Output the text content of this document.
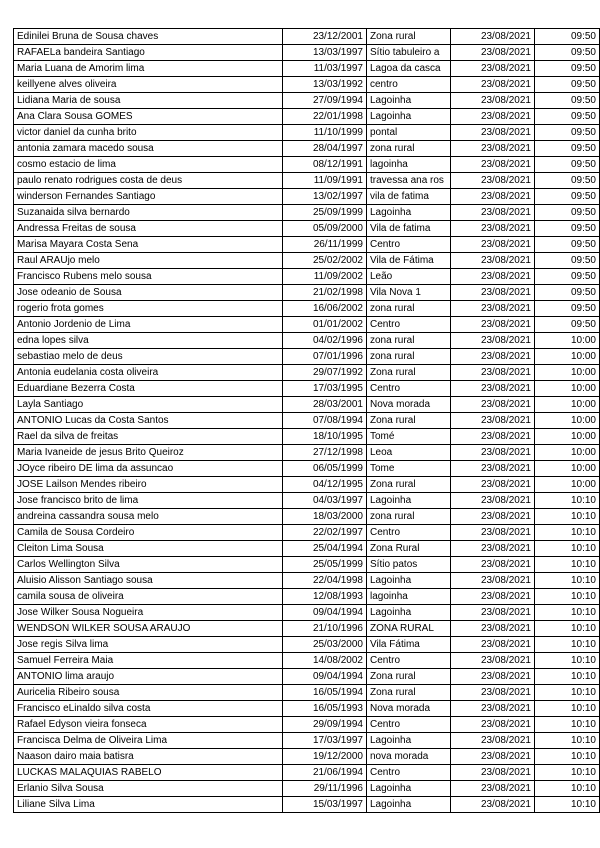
Edinilei Bruna de Sousa chaves	23/12/2001	Zona rural	23/08/2021	09:50
RAFAELa bandeira Santiago	13/03/1997	Sítio tabuleiro a	23/08/2021	09:50
Maria Luana de Amorim lima	11/03/1997	Lagoa da casca	23/08/2021	09:50
keillyene alves oliveira	13/03/1992	centro	23/08/2021	09:50
Lidiana Maria de sousa	27/09/1994	Lagoinha	23/08/2021	09:50
Ana Clara Sousa GOMES	22/01/1998	Lagoinha	23/08/2021	09:50
victor daniel da cunha brito	11/10/1999	pontal	23/08/2021	09:50
antonia zamara macedo sousa	28/04/1997	zona rural	23/08/2021	09:50
cosmo estacio de lima	08/12/1991	lagoinha	23/08/2021	09:50
paulo renato rodrigues costa de deus	11/09/1991	travessa ana ros	23/08/2021	09:50
winderson Fernandes Santiago	13/02/1997	vila de fatima	23/08/2021	09:50
Suzanaida silva bernardo	25/09/1999	Lagoinha	23/08/2021	09:50
Andressa Freitas de sousa	05/09/2000	Vila de fatima	23/08/2021	09:50
Marisa Mayara Costa Sena	26/11/1999	Centro	23/08/2021	09:50
Raul ARAUjo melo	25/02/2002	Vila de Fátima	23/08/2021	09:50
Francisco Rubens melo sousa	11/09/2002	Leão	23/08/2021	09:50
Jose odeanio de Sousa	21/02/1998	Vila Nova 1	23/08/2021	09:50
rogerio frota gomes	16/06/2002	zona rural	23/08/2021	09:50
Antonio Jordenio de Lima	01/01/2002	Centro	23/08/2021	09:50
edna lopes silva	04/02/1996	zona rural	23/08/2021	10:00
sebastiao melo de deus	07/01/1996	zona rural	23/08/2021	10:00
Antonia eudelania costa oliveira	29/07/1992	Zona rural	23/08/2021	10:00
Eduardiane Bezerra Costa	17/03/1995	Centro	23/08/2021	10:00
Layla Santiago	28/03/2001	Nova morada	23/08/2021	10:00
ANTONIO Lucas da Costa Santos	07/08/1994	Zona rural	23/08/2021	10:00
Rael da silva de freitas	18/10/1995	Tomé	23/08/2021	10:00
Maria Ivaneide de jesus Brito Queiroz	27/12/1998	Leoa	23/08/2021	10:00
JOyce ribeiro DE lima da assuncao	06/05/1999	Tome	23/08/2021	10:00
JOSE Lailson Mendes ribeiro	04/12/1995	Zona rural	23/08/2021	10:00
Jose francisco brito de lima	04/03/1997	Lagoinha	23/08/2021	10:10
andreina cassandra sousa melo	18/03/2000	zona rural	23/08/2021	10:10
Camila de Sousa Cordeiro	22/02/1997	Centro	23/08/2021	10:10
Cleiton Lima Sousa	25/04/1994	Zona Rural	23/08/2021	10:10
Carlos Wellington Silva	25/05/1999	Sítio patos	23/08/2021	10:10
Aluisio Alisson Santiago sousa	22/04/1998	Lagoinha	23/08/2021	10:10
camila sousa de oliveira	12/08/1993	lagoinha	23/08/2021	10:10
Jose Wilker Sousa Nogueira	09/04/1994	Lagoinha	23/08/2021	10:10
WENDSON WILKER SOUSA ARAUJO	21/10/1996	ZONA RURAL	23/08/2021	10:10
Jose regis Silva lima	25/03/2000	Vila Fátima	23/08/2021	10:10
Samuel Ferreira Maia	14/08/2002	Centro	23/08/2021	10:10
ANTONIO lima araujo	09/04/1994	Zona rural	23/08/2021	10:10
Auricelia Ribeiro sousa	16/05/1994	Zona rural	23/08/2021	10:10
Francisco eLinaldo silva costa	16/05/1993	Nova morada	23/08/2021	10:10
Rafael Edyson vieira fonseca	29/09/1994	Centro	23/08/2021	10:10
Francisca Delma de Oliveira Lima	17/03/1997	Lagoinha	23/08/2021	10:10
Naason dairo maia batisra	19/12/2000	nova morada	23/08/2021	10:10
LUCKAS MALAQUIAS RABELO	21/06/1994	Centro	23/08/2021	10:10
Erlanio Silva Sousa	29/11/1996	Lagoinha	23/08/2021	10:10
Liliane Silva Lima	15/03/1997	Lagoinha	23/08/2021	10:10
